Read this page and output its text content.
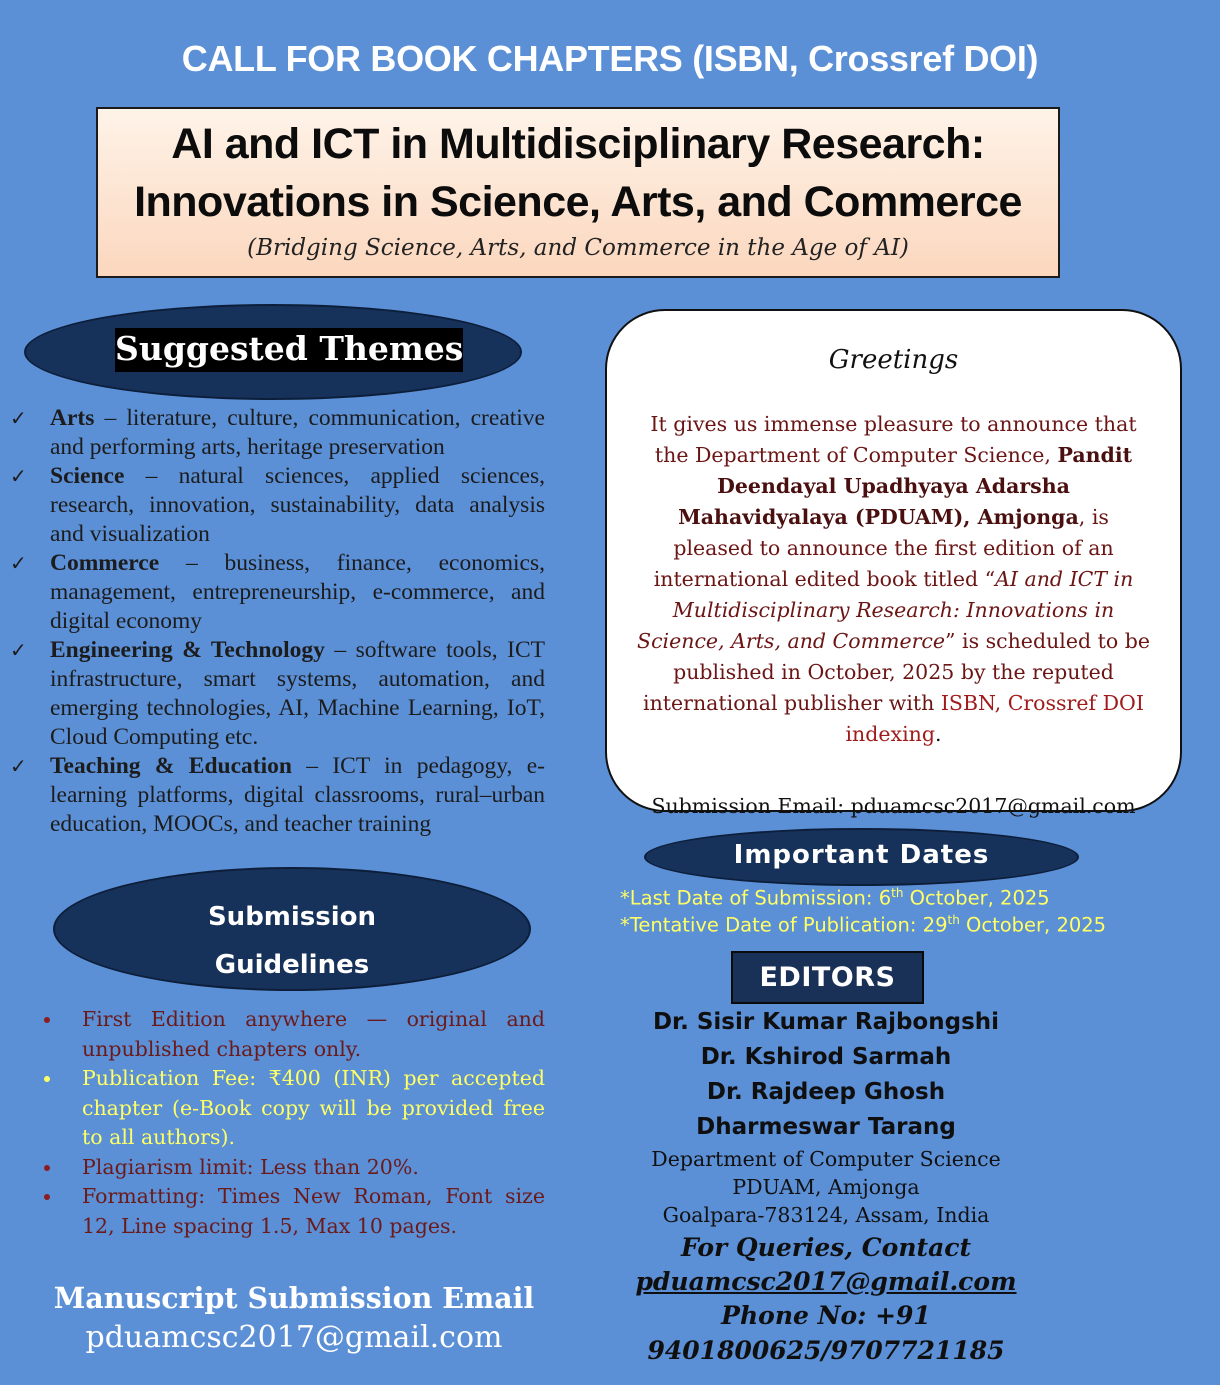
CALL FOR BOOK CHAPTERS (ISBN, Crossref DOI)
AI and ICT in Multidisciplinary Research:
Innovations in Science, Arts, and Commerce
(Bridging Science, Arts, and Commerce in the Age of AI)
Suggested Themes
✓ Arts – literature, culture, communication, creative and performing arts, heritage preservation
✓ Science – natural sciences, applied sciences, research, innovation, sustainability, data analysis and visualization
✓ Commerce – business, finance, economics, management, entrepreneurship, e-commerce, and digital economy
✓ Engineering & Technology – software tools, ICT infrastructure, smart systems, automation, and emerging technologies, AI, Machine Learning, IoT, Cloud Computing etc.
✓ Teaching & Education – ICT in pedagogy, e-learning platforms, digital classrooms, rural–urban education, MOOCs, and teacher training
Greetings
It gives us immense pleasure to announce that the Department of Computer Science, Pandit Deendayal Upadhyaya Adarsha Mahavidyalaya (PDUAM), Amjonga, is pleased to announce the first edition of an international edited book titled “AI and ICT in Multidisciplinary Research: Innovations in Science, Arts, and Commerce” is scheduled to be published in October, 2025 by the reputed international publisher with ISBN, Crossref DOI indexing.
Submission Email: pduamcsc2017@gmail.com
Important Dates
*Last Date of Submission: 6th October, 2025
*Tentative Date of Publication: 29th October, 2025
Submission
Guidelines
First Edition anywhere — original and unpublished chapters only.
Publication Fee: ₹400 (INR) per accepted chapter (e-Book copy will be provided free to all authors).
Plagiarism limit: Less than 20%.
Formatting: Times New Roman, Font size 12, Line spacing 1.5, Max 10 pages.
Manuscript Submission Email
pduamcsc2017@gmail.com
EDITORS
Dr. Sisir Kumar Rajbongshi
Dr. Kshirod Sarmah
Dr. Rajdeep Ghosh
Dharmeswar Tarang
Department of Computer Science
PDUAM, Amjonga
Goalpara-783124, Assam, India
For Queries, Contact
pduamcsc2017@gmail.com
Phone No: +91
9401800625/9707721185
